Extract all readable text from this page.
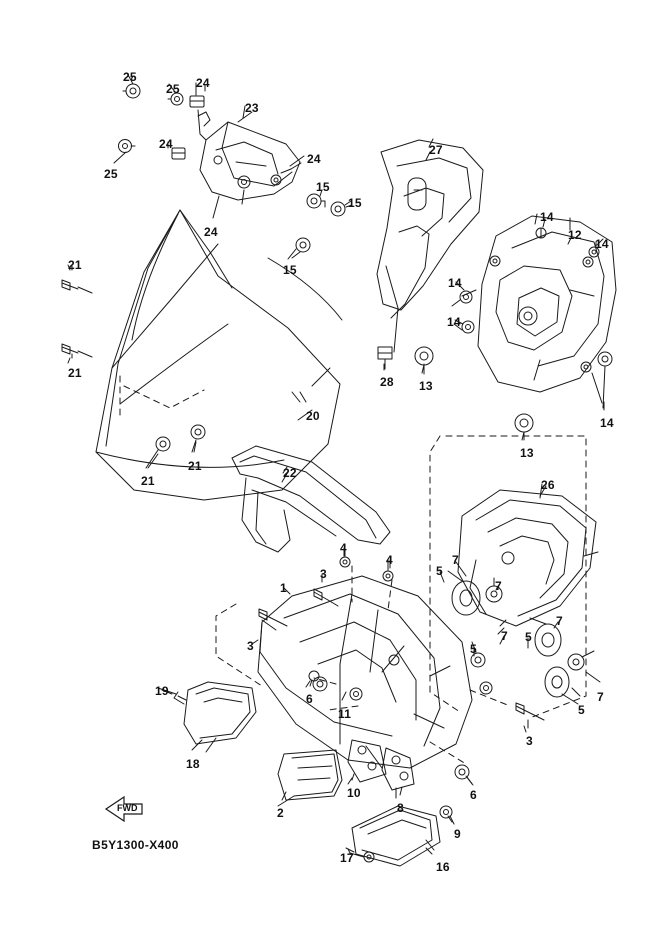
25
25 24
23
24
24
25
24
15
15
15
27
14
12
14
14
14
13
14
13
21
21
20
28
21
21	22
26
4
4
5
7
7
7
1
3
3
7 5
5
7
5
19
18
6
11
3
10
8
6
2
9
17
16
FWD
B5Y1300-X400
